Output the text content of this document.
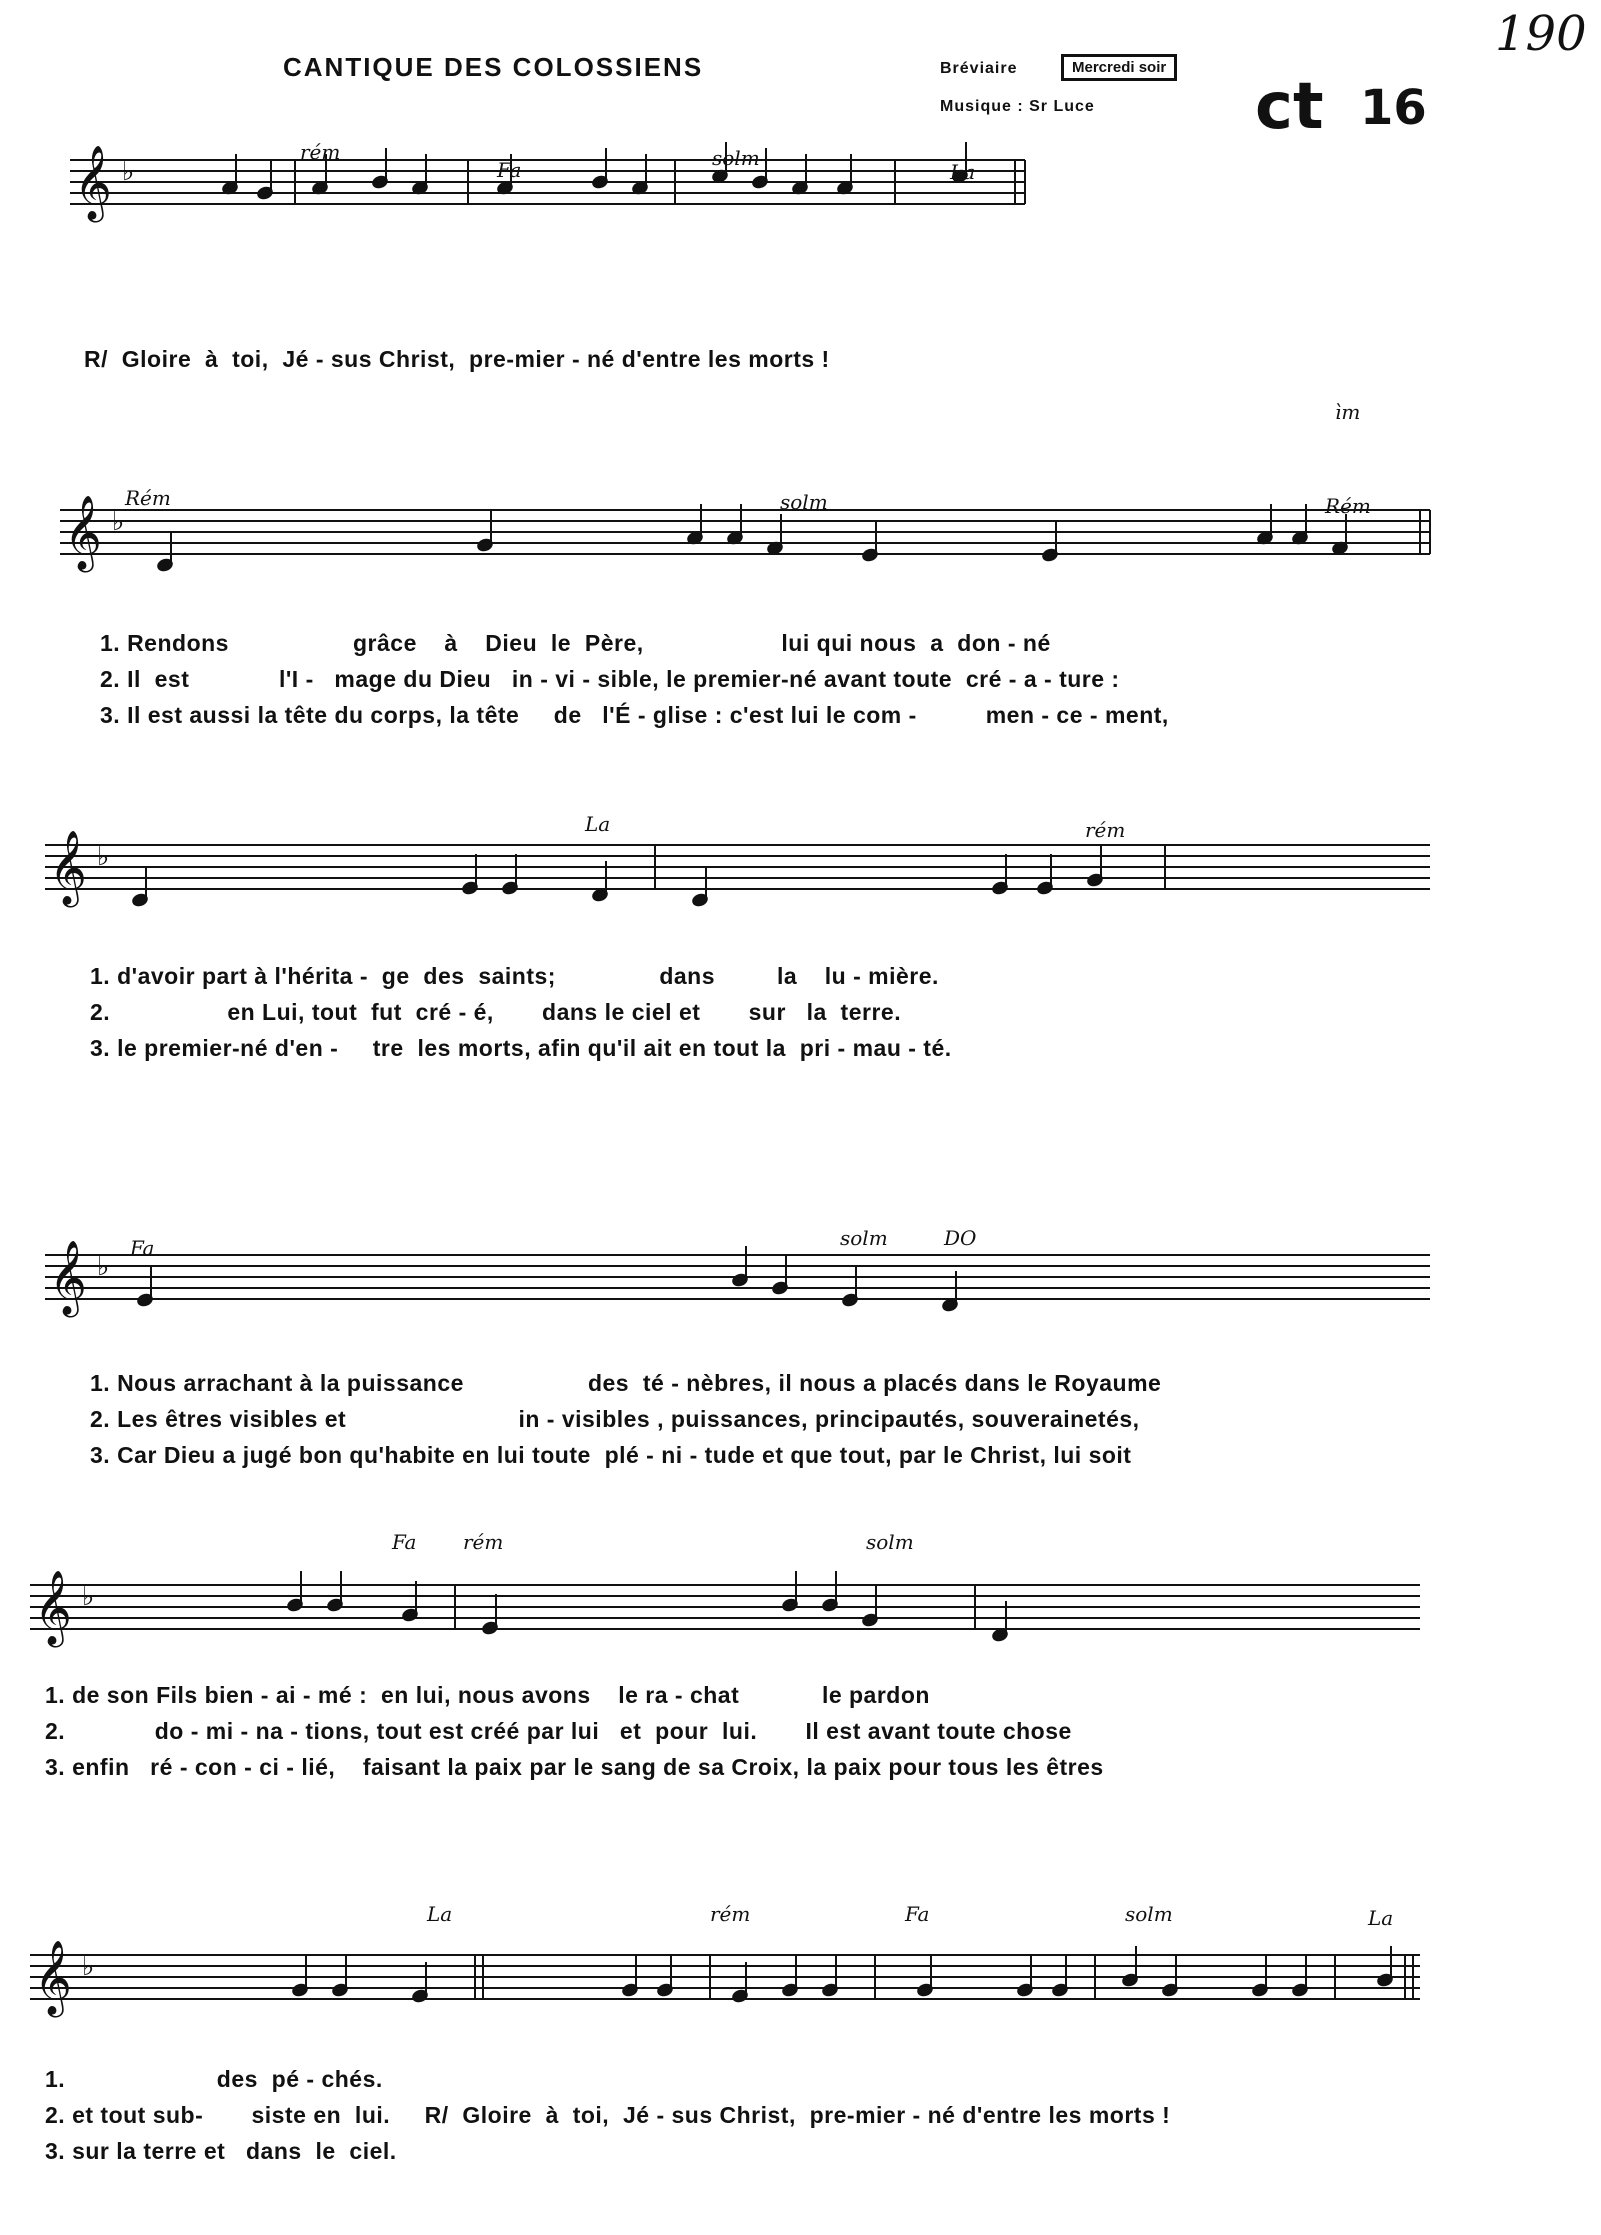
190
CANTIQUE DES COLOSSIENS	Bréviaire	Mercredi soir
Musique : Sr Luce	ct 16
𝄞 ♭
𝄞 ♭
𝄞 ♭
𝄞 ♭
𝄞 ♭
𝄞 ♭
rém
Fa	solm
La
R/  Gloire  à  toi,  Jé - sus Christ,  pre-mier - né d'entre les morts !
ìm
Rém	solm	Rém
1. Rendons                  grâce    à    Dieu  le  Père,                    lui qui nous  a  don - né
2. Il  est             l'I -   mage du Dieu   in - vi - sible, le premier-né avant toute  cré - a - ture :
3. Il est aussi la tête du corps, la tête     de   l'É - glise : c'est lui le com -          men - ce - ment,
La	rém
1. d'avoir part à l'hérita -  ge  des  saints;               dans         la    lu - mière.
2.                 en Lui, tout  fut  cré - é,       dans le ciel et       sur   la  terre.
3. le premier-né d'en -     tre  les morts, afin qu'il ait en tout la  pri - mau - té.
Fa	solm	DO
1. Nous arrachant à la puissance                  des  té - nèbres, il nous a placés dans le Royaume
2. Les êtres visibles et                         in - visibles , puissances, principautés, souverainetés,
3. Car Dieu a jugé bon qu'habite en lui toute  plé - ni - tude et que tout, par le Christ, lui soit
Fa rém	solm
1. de son Fils bien - ai - mé :  en lui, nous avons    le ra - chat            le pardon
2.             do - mi - na - tions, tout est créé par lui   et  pour  lui.       Il est avant toute chose
3. enfin   ré - con - ci - lié,    faisant la paix par le sang de sa Croix, la paix pour tous les êtres
La	rém	Fa	solm	La
1.                      des  pé - chés.
2. et tout sub-       siste en  lui.     R/  Gloire  à  toi,  Jé - sus Christ,  pre-mier - né d'entre les morts !
3. sur la terre et   dans  le  ciel.
